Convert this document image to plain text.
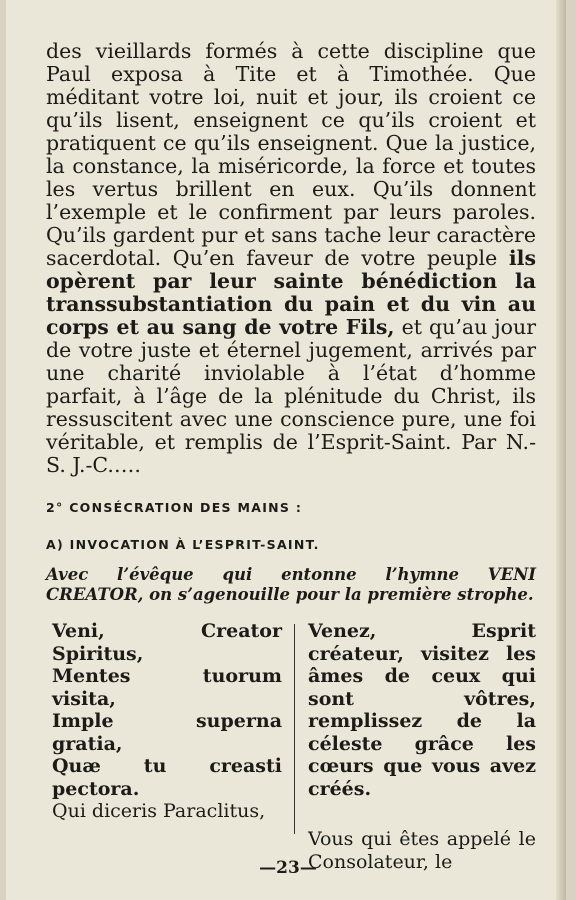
des vieillards formés à cette discipline que Paul exposa à Tite et à Timothée. Que méditant votre loi, nuit et jour, ils croient ce qu’ils lisent, enseignent ce qu’ils croient et pratiquent ce qu’ils enseignent. Que la justice, la constance, la miséricorde, la force et toutes les vertus brillent en eux. Qu’ils donnent l’exemple et le confirment par leurs paroles. Qu’ils gardent pur et sans tache leur caractère sacerdotal. Qu’en faveur de votre peuple ils opèrent par leur sainte bénédiction la transsubstantiation du pain et du vin au corps et au sang de votre Fils, et qu’au jour de votre juste et éternel jugement, arrivés par une charité inviolable à l’état d’homme parfait, à l’âge de la plénitude du Christ, ils ressuscitent avec une conscience pure, une foi véritable, et remplis de l’Esprit-Saint. Par N.-S. J.-C.….

2° CONSÉCRATION DES MAINS :
A) INVOCATION À L’ESPRIT-SAINT.
Avec l’évêque qui entonne l’hymne VENI
CREATOR, on s’agenouille pour la première strophe.

Veni, Creator Spiritus,

Mentes tuorum visita,

Imple superna gratia,

Quæ tu creasti pectora.

Qui diceris Paraclitus,

Venez, Esprit créateur, visitez les âmes de ceux qui sont vôtres, remplissez de la céleste grâce les cœurs que vous avez créés.

Vous qui êtes appelé le Consolateur, le

—23—
